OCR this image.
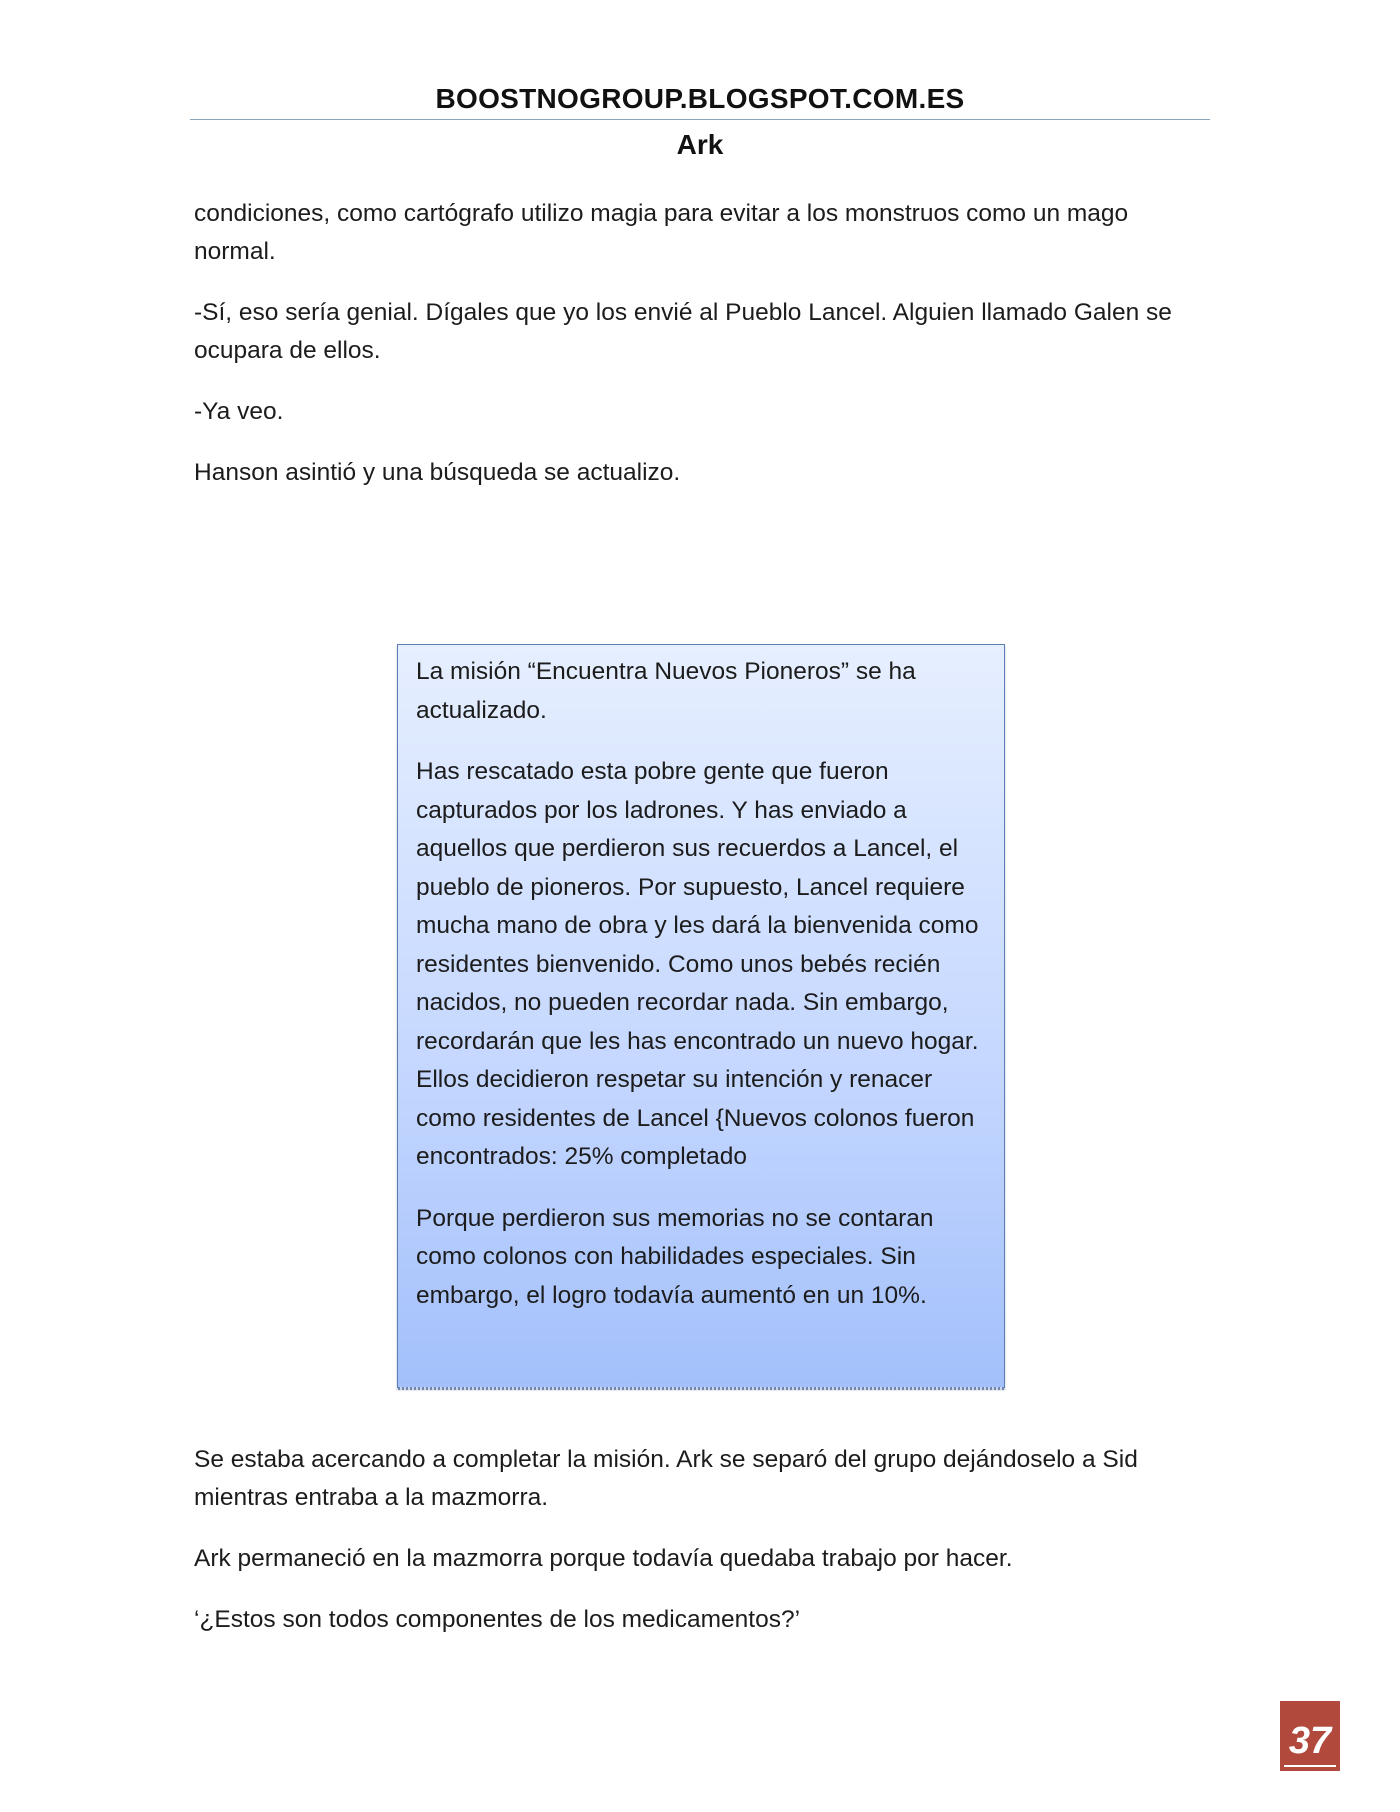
BOOSTNOGROUP.BLOGSPOT.COM.ES
Ark

condiciones, como cartógrafo utilizo magia para evitar a los monstruos como un mago normal.

-Sí, eso sería genial. Dígales que yo los envié al Pueblo Lancel. Alguien llamado Galen se ocupara de ellos.

-Ya veo.

Hanson asintió y una búsqueda se actualizo.

La misión “Encuentra Nuevos Pioneros” se ha actualizado.

Has rescatado esta pobre gente que fueron capturados por los ladrones. Y has enviado a aquellos que perdieron sus recuerdos a Lancel, el pueblo de pioneros. Por supuesto, Lancel requiere mucha mano de obra y les dará la bienvenida como residentes bienvenido. Como unos bebés recién nacidos, no pueden recordar nada. Sin embargo, recordarán que les has encontrado un nuevo hogar. Ellos decidieron respetar su intención y renacer como residentes de Lancel {Nuevos colonos fueron encontrados: 25% completado

Porque perdieron sus memorias no se contaran como colonos con habilidades especiales. Sin embargo, el logro todavía aumentó en un 10%.

Se estaba acercando a completar la misión. Ark se separó del grupo dejándoselo a Sid mientras entraba a la mazmorra.

Ark permaneció en la mazmorra porque todavía quedaba trabajo por hacer.

‘¿Estos son todos componentes de los medicamentos?’

37
